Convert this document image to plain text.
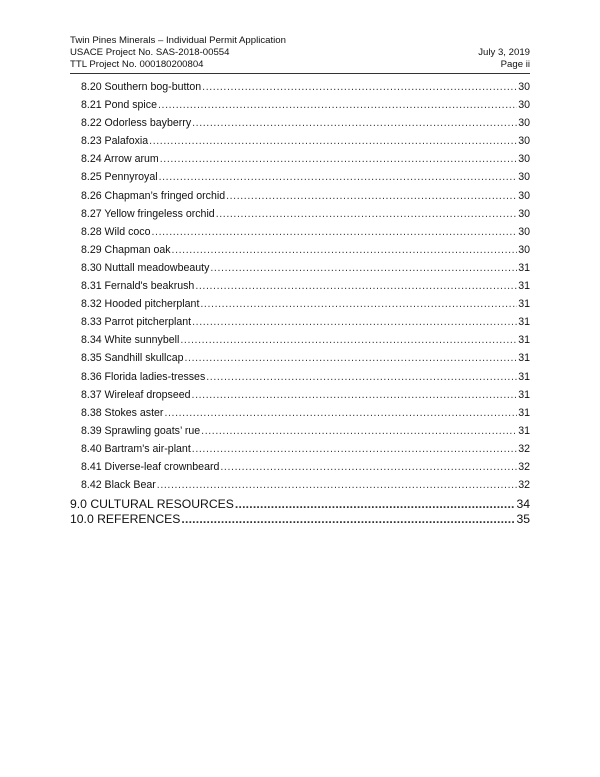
Twin Pines Minerals – Individual Permit Application
USACE Project No. SAS-2018-00554	July 3, 2019
TTL Project No. 000180200804	Page ii
8.20 Southern bog-button .....	30
8.21 Pond spice .....	30
8.22 Odorless bayberry .....	30
8.23 Palafoxia .....	30
8.24 Arrow arum .....	30
8.25 Pennyroyal .....	30
8.26 Chapman’s fringed orchid .....	30
8.27 Yellow fringeless orchid .....	30
8.28 Wild coco .....	30
8.29 Chapman oak .....	30
8.30 Nuttall meadowbeauty .....	31
8.31 Fernald's beakrush .....	31
8.32 Hooded pitcherplant .....	31
8.33 Parrot pitcherplant .....	31
8.34 White sunnybell .....	31
8.35 Sandhill skullcap .....	31
8.36 Florida ladies-tresses .....	31
8.37 Wireleaf dropseed .....	31
8.38 Stokes aster .....	31
8.39 Sprawling goats’ rue .....	31
8.40 Bartram's air-plant .....	32
8.41 Diverse-leaf crownbeard .....	32
8.42 Black Bear .....	32
9.0 CULTURAL RESOURCES .....	34
10.0 REFERENCES .....	35
